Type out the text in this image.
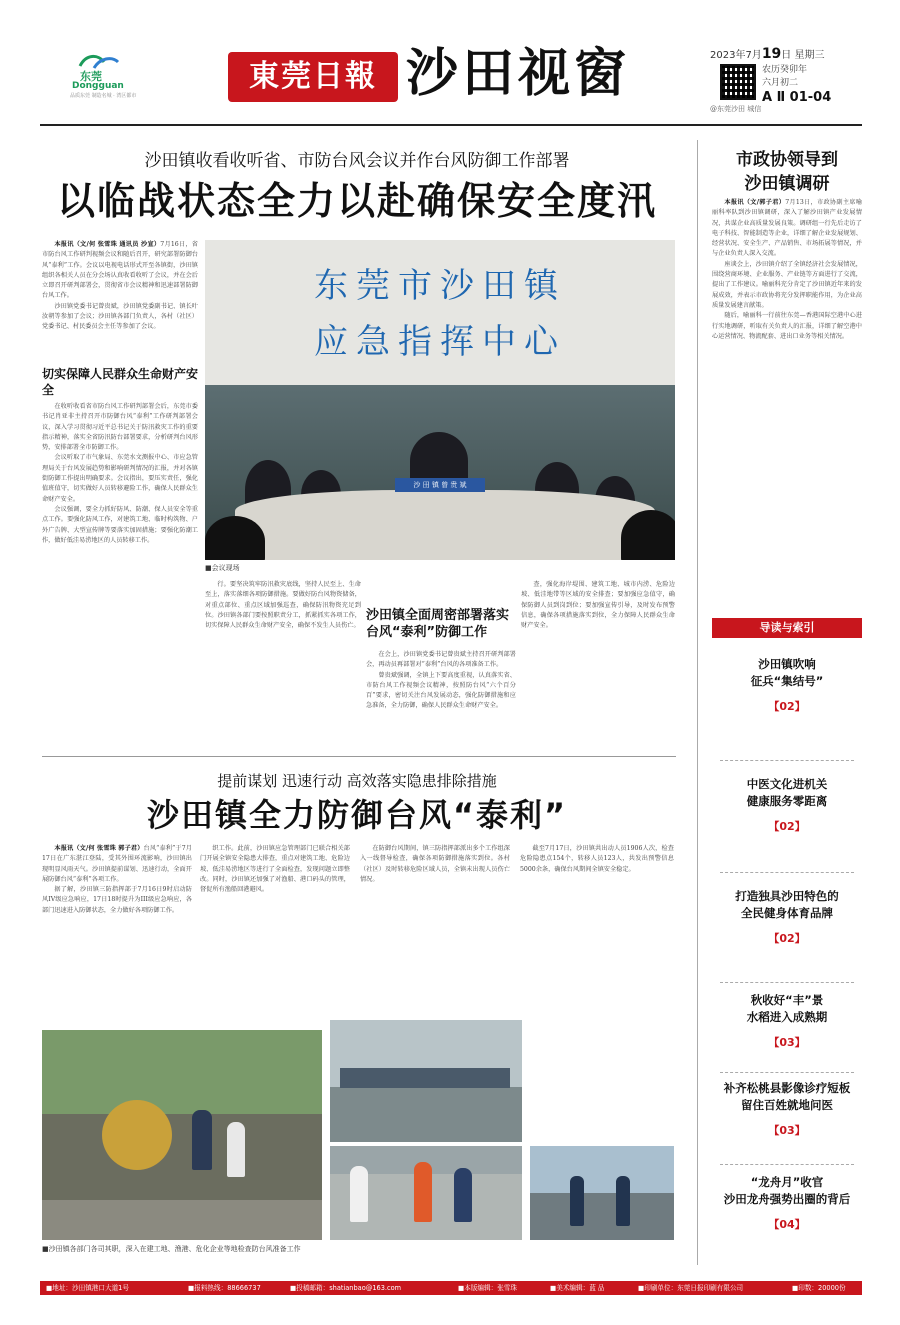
东莞
Dongguan
品质东莞 制造名城 · 湾区都市
東莞日報 沙田视窗	2023年7月19日 星期三
农历癸卯年
六月初二
A Ⅱ 01-04
@东莞沙田 城信
沙田镇收看收听省、市防台风会议并作台风防御工作部署
以临战状态全力以赴确保安全度汛

本报讯（文/何 张雪珠 通讯员 沙宣）7月16日，省市防台风工作研判视频会议和随后召开，研究部署防御台风“泰利”工作。会议以电视电话形式开至各镇街，沙田镇组织各相关人员在分会场认真收看收听了会议，并在会后立即召开研判部署会，贯彻省市会议精神和迅速部署防御台风工作。

沙田镇党委书记曾贵斌，沙田镇党委副书记、镇长叶汝朝等参加了会议；沙田镇各部门负责人，各村（社区）党委书记、村民委员会主任等参加了会议。

切实保障人民群众生命财产安全

在收听收看省市防台风工作研判部署会后，东莞市委书记肖亚非主持召开市防御台风“泰利”工作研判部署会议，深入学习贯彻习近平总书记关于防汛救灾工作的重要指示精神，落实全省防汛防台部署要求，分析研判台风形势，安排部署全市防御工作。

会议听取了市气象局、东莞水文测报中心、市应急管理局关于台风发展趋势和影响研判情况的汇报，并对各镇街防御工作提出明确要求。会议指出，要压实责任，强化值班值守，切实做好人员转移避险工作，确保人民群众生命财产安全。

会议强调，要全力抓好防风、防潮、保人员安全等重点工作。要强化防风工作，对建筑工地、临时构筑物、户外广告牌、大型宣传牌等要落实加固措施；要强化防潮工作，做好低洼易涝地区的人员转移工作。

东莞市沙田镇
应急指挥中心
沙 田 镇 曾 贵 斌
■会议现场

行。要坚决筑牢防汛救灾底线，坚持人民至上、生命至上，落实落细各项防御措施。要做好防台风物资储备，对重点部位、重点区域加强巡查，确保防汛物资充足到位。沙田镇各部门要按照职责分工，抓紧抓实各项工作，切实保障人民群众生命财产安全，确保不发生人员伤亡。

沙田镇全面周密部署落实台风“泰利”防御工作

在会上，沙田镇党委书记曾贵斌主持召开研判部署会，再动员再部署对“泰利”台风的各项准备工作。

曾贵斌强调，全镇上下要高度重视，认真落实省、市防台风工作视频会议精神，按照防台风“六个百分百”要求，密切关注台风发展动态，强化防御措施和应急准备，全力防御，确保人民群众生命财产安全。

查，强化海岸堤围、建筑工地、城市内涝、危险边坡、低洼地带等区域的安全排查；要加强应急值守，确保防御人员到岗到位；要加强宣传引导，及时发布预警信息，确保各项措施落实到位，全力保障人民群众生命财产安全。

市政协领导到
沙田镇调研

本报讯（文/郭子君）7月13日，市政协副主席喻丽科率队到沙田镇调研，深入了解沙田镇产业发展情况，共谋企业高质量发展良策。调研组一行先后走访了电子科技、智能制造等企业，详细了解企业发展规划、经营状况、安全生产、产品销售、市场拓展等情况，并与企业负责人深入交流。

座谈会上，沙田镇介绍了全镇经济社会发展情况，围绕营商环境、企业服务、产业链等方面进行了交流，提出了工作建议。喻丽科充分肯定了沙田镇近年来的发展成效，并表示市政协将充分发挥职能作用，为企业高质量发展建言献策。

随后，喻丽科一行前往东莞—香港国际空港中心进行实地调研，听取有关负责人的汇报，详细了解空港中心运营情况、物流配套、进出口业务等相关情况。

导读与索引
沙田镇吹响
征兵“集结号”
【02】
中医文化进机关
健康服务零距离
【02】
打造独具沙田特色的
全民健身体育品牌
【02】
秋收好“丰”景
水稻进入成熟期
【03】
补齐松桃县影像诊疗短板
留住百姓就地问医
【03】
“龙舟月”收官
沙田龙舟强势出圈的背后
【04】
提前谋划 迅速行动 高效落实隐患排除措施
沙田镇全力防御台风“泰利”

本报讯（文/何 张雪珠 郭子君）台风“泰利”于7月17日在广东湛江登陆，受其外围环流影响，沙田镇出现明显风雨天气。沙田镇提前谋划、迅速行动，全面开展防御台风“泰利”各项工作。

据了解，沙田镇三防指挥部于7月16日9时启动防风IV级应急响应，17日18时提升为III级应急响应，各部门迅速进入防御状态，全力做好各项防御工作。

织工作。此前，沙田镇应急管理部门已联合相关部门开展全镇安全隐患大排查，重点对建筑工地、危险边坡、低洼易涝地区等进行了全面检查，发现问题立即整改。同时，沙田镇还加强了对渔船、港口码头的管理，督促所有渔船回港避风。

在防御台风期间，镇三防指挥部派出多个工作组深入一线督导检查，确保各项防御措施落实到位。各村（社区）及时转移危险区域人员，全镇未出现人员伤亡情况。

截至7月17日，沙田镇共出动人员1906人次，检查危险隐患点154个，转移人员123人，共发出预警信息5000余条，确保台风期间全镇安全稳定。

■沙田镇各部门各司其职，深入在建工地、渔港、危化企业等地检查防台风准备工作
■地址：沙田镇港口大道1号	■报料热线：88666737	■投稿邮箱：shatianbao@163.com	■本版编辑：张雪珠	■美术编辑：蓝 品	■印刷单位：东莞日报印刷有限公司	■印数：20000份
